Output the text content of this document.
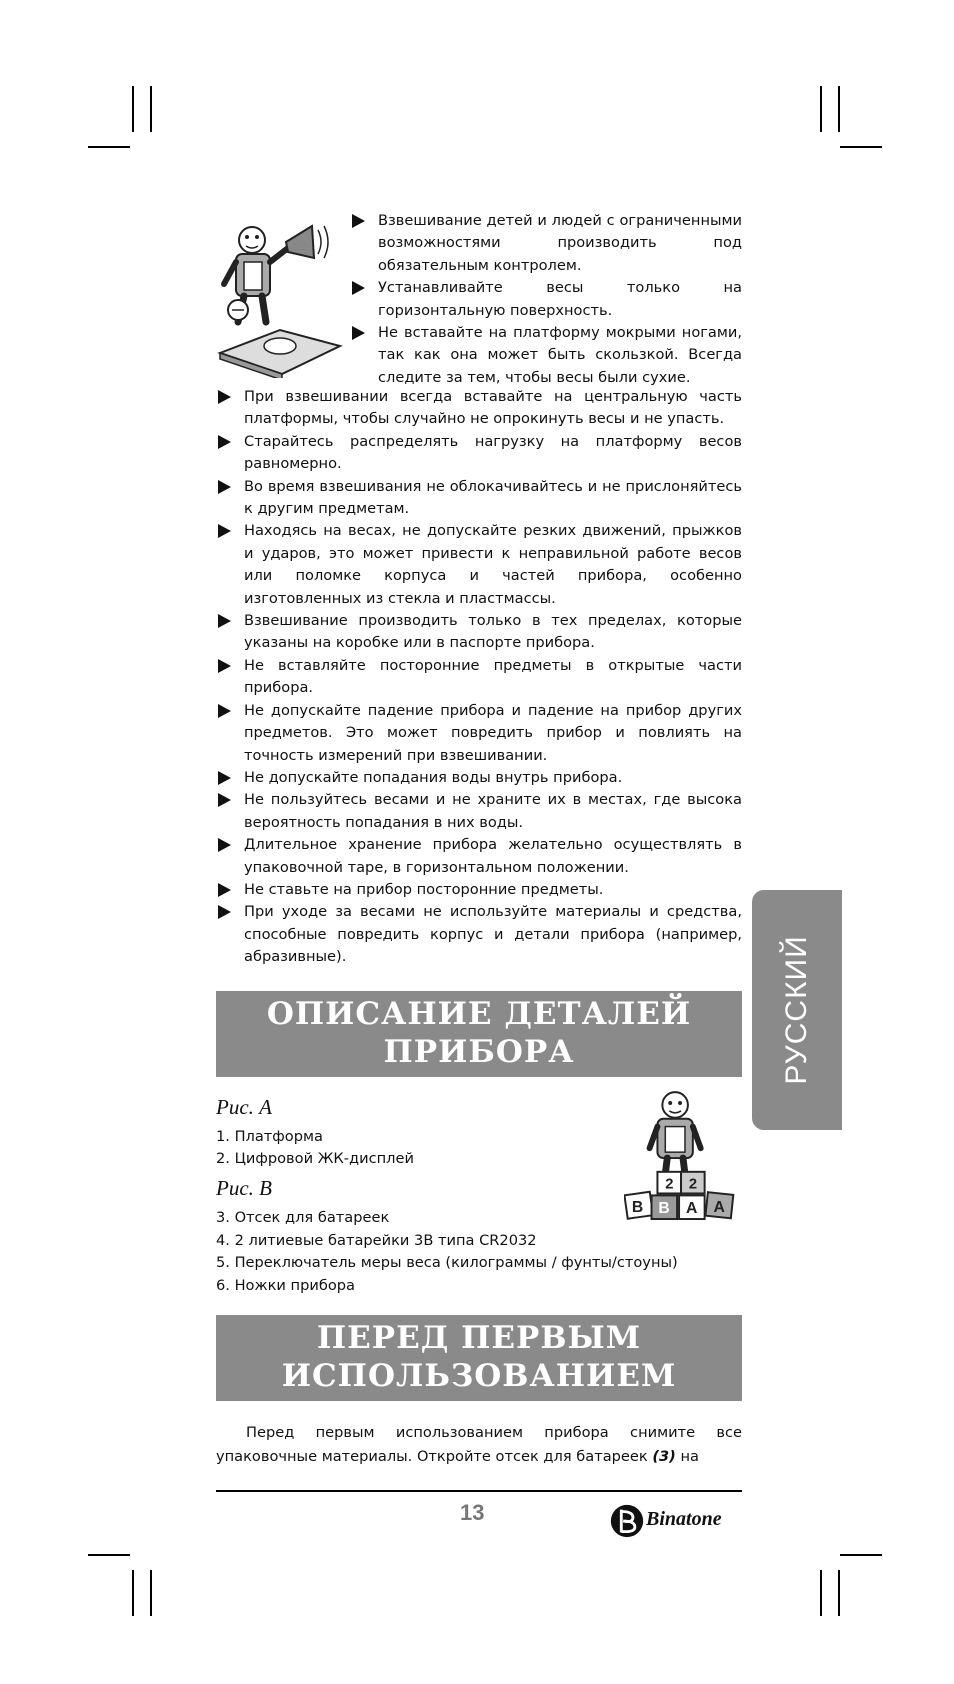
Взвешивание детей и людей с ограниченными возможностями производить под обязательным контролем.
Устанавливайте весы только на горизонтальную поверхность.
Не вставайте на платформу мокрыми ногами, так как она может быть скользкой. Всегда следите за тем, чтобы весы были сухие.
При взвешивании всегда вставайте на центральную часть платформы, чтобы случайно не опрокинуть весы и не упасть.
Старайтесь распределять нагрузку на платформу весов равномерно.
Во время взвешивания не облокачивайтесь и не прислоняйтесь к другим предметам.
Находясь на весах, не допускайте резких движений, прыжков и ударов, это может привести к неправильной работе весов или поломке корпуса и частей прибора, особенно изготовленных из стекла и пластмассы.
Взвешивание производить только в тех пределах, которые указаны на коробке или в паспорте прибора.
Не вставляйте посторонние предметы в открытые части прибора.
Не допускайте падение прибора и падение на прибор других предметов. Это может повредить прибор и повлиять на точность измерений при взвешивании.
Не допускайте попадания воды внутрь прибора.
Не пользуйтесь весами и не храните их в местах, где высока вероятность попадания в них воды.
Длительное хранение прибора желательно осуществлять в упаковочной таре, в горизонтальном положении.
Не ставьте на прибор посторонние предметы.
При уходе за весами не используйте материалы и средства, способные повредить корпус и детали прибора (например, абразивные).
ОПИСАНИЕ ДЕТАЛЕЙ
ПРИБОРА
2 2
В В А А

Рис. А

1. Платформа
2. Цифровой ЖК-дисплей

Рис. В

3. Отсек для батареек
4. 2 литиевые батарейки 3В типа CR2032
5. Переключатель меры веса (килограммы / фунты/стоуны)
6. Ножки прибора
ПЕРЕД ПЕРВЫМ
ИСПОЛЬЗОВАНИЕМ

Перед первым использованием прибора снимите все упаковочные материалы. Откройте отсек для батареек (3) на

РУССКИЙ
13	Binatone
